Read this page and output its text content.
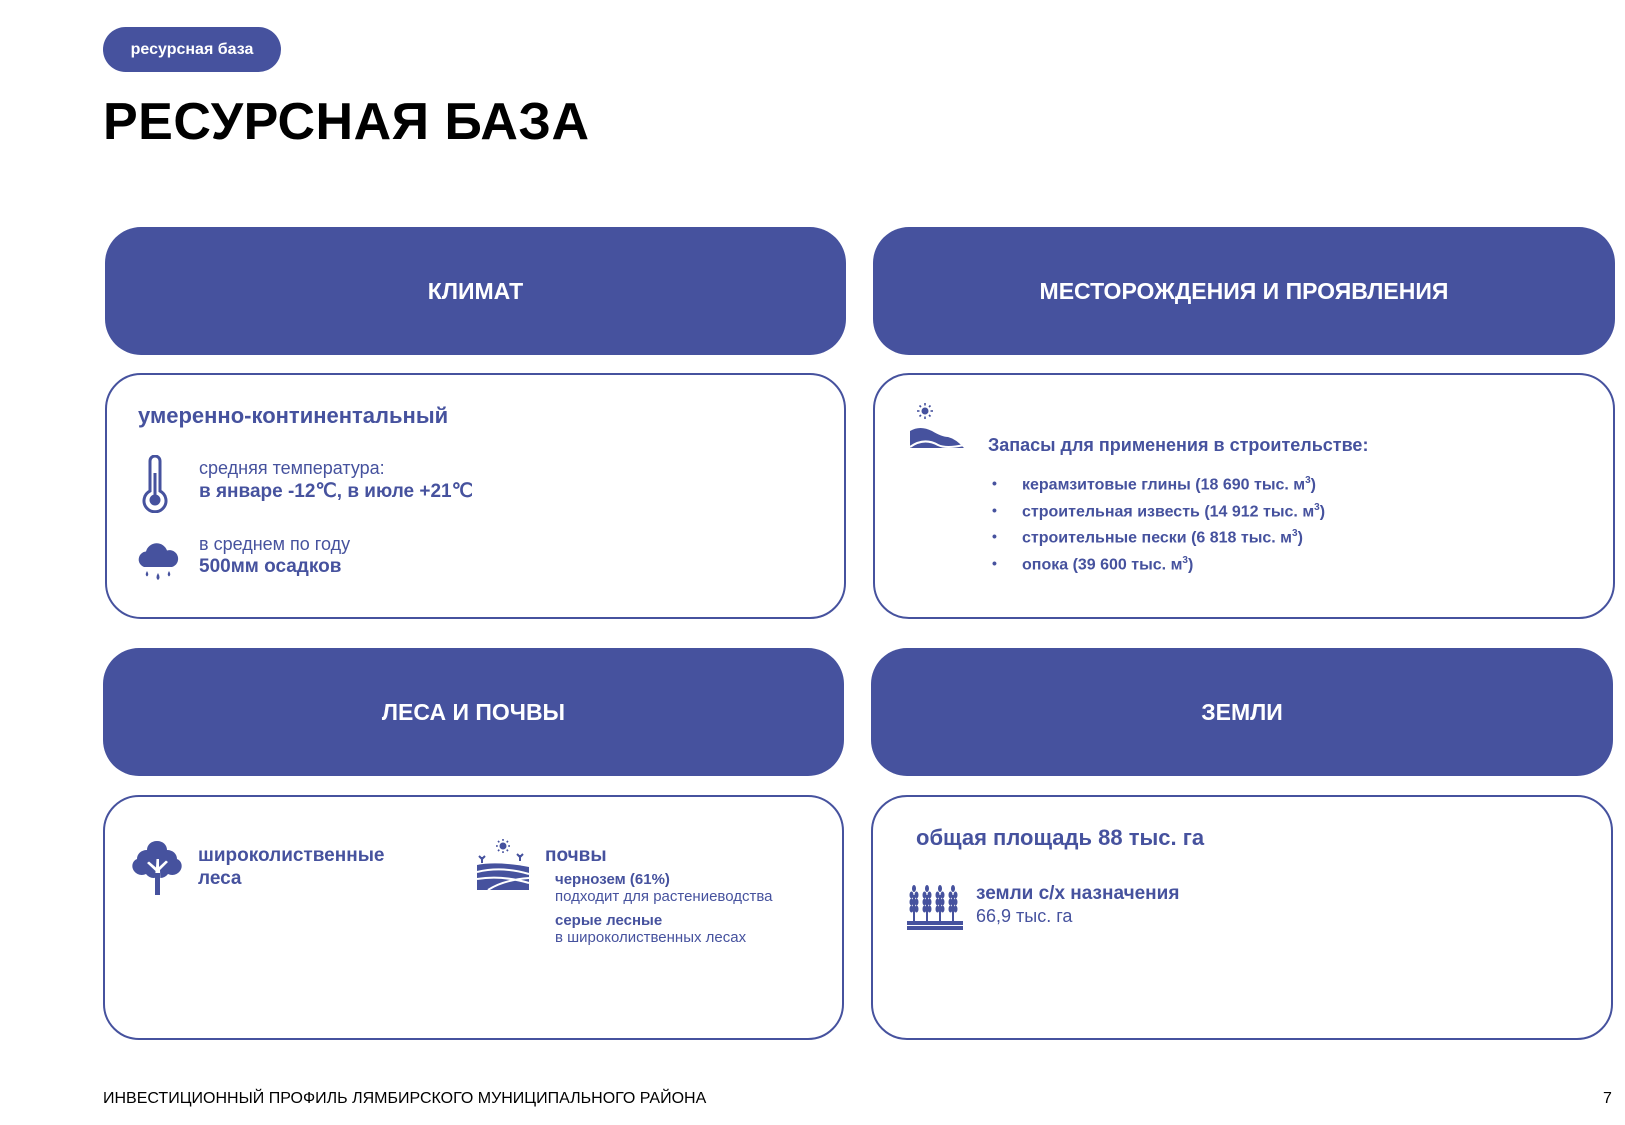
ресурсная база
РЕСУРСНАЯ БАЗА
КЛИМАТ
умеренно-континентальный
средняя температура:
в январе -12℃, в июле +21℃
в среднем по году
500мм осадков
МЕСТОРОЖДЕНИЯ И ПРОЯВЛЕНИЯ
Запасы для применения в строительстве:
• керамзитовые глины (18 690 тыс. $м^3$)
• строительная известь (14 912 тыс. $м^3$)
• строительные пески (6 818 тыс. $м^3$)
• опока (39 600 тыс. $м^3$)
ЛЕСА И ПОЧВЫ
широколиственные
леса
почвы
чернозем (61%)
подходит для растениеводства
серые лесные
в широколиственных лесах
ЗЕМЛИ
общая площадь 88 тыс. га
земли с/х назначения
66,9 тыс. га
ИНВЕСТИЦИОННЫЙ ПРОФИЛЬ ЛЯМБИРСКОГО МУНИЦИПАЛЬНОГО РАЙОНА	7
